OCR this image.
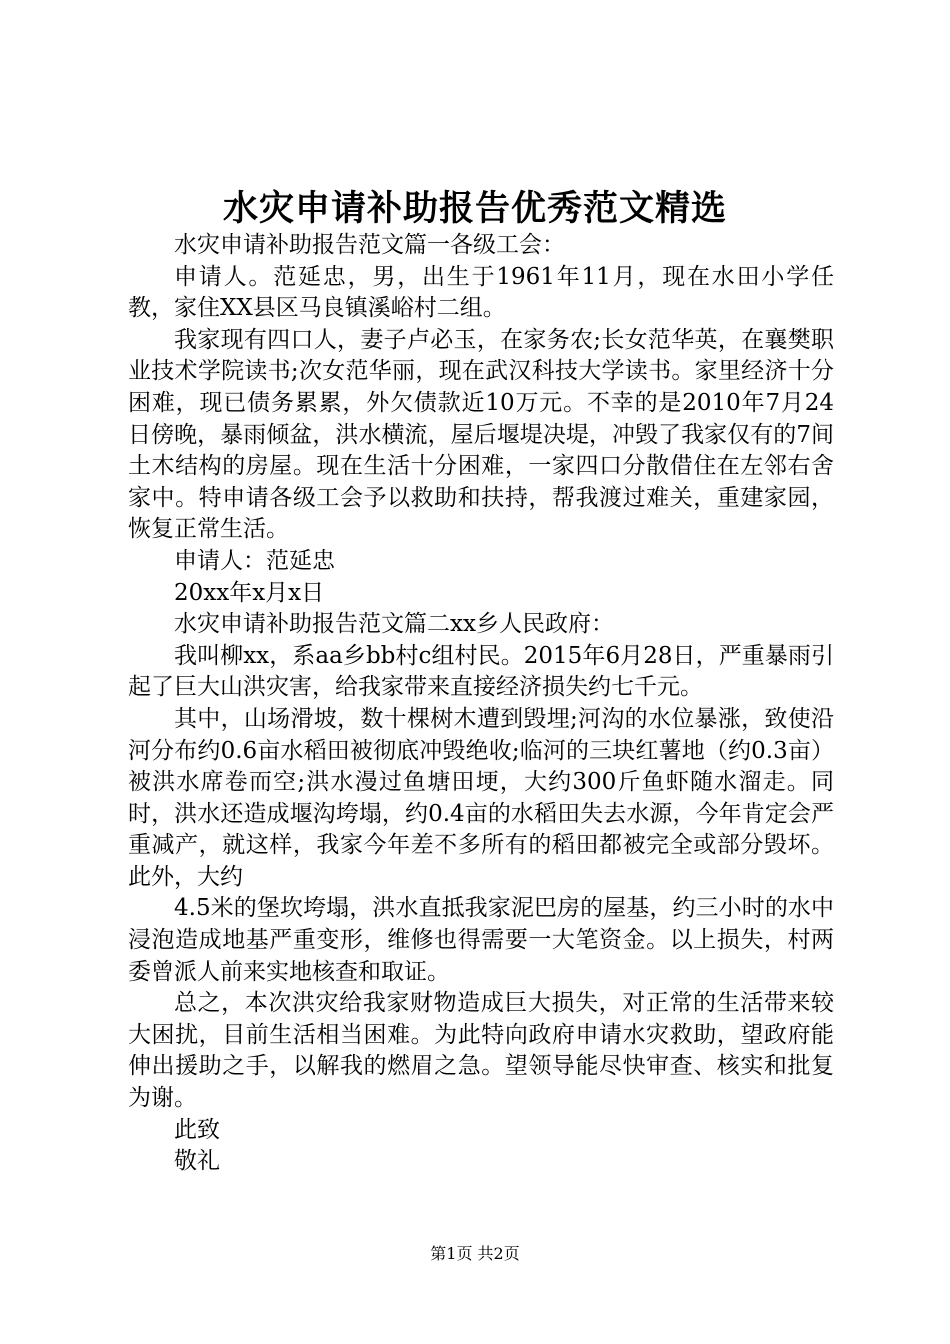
水灾申请补助报告优秀范文精选

水灾申请补助报告范文篇一各级工会：

申请人。范延忠，男，出生于1961年11月，现在水田小学任教，家住XX县区马良镇溪峪村二组。

我家现有四口人，妻子卢必玉，在家务农;长女范华英，在襄樊职业技术学院读书;次女范华丽，现在武汉科技大学读书。家里经济十分困难，现已债务累累，外欠债款近10万元。不幸的是2010年7月24日傍晚，暴雨倾盆，洪水横流，屋后堰堤决堤，冲毁了我家仅有的7间土木结构的房屋。现在生活十分困难，一家四口分散借住在左邻右舍家中。特申请各级工会予以救助和扶持，帮我渡过难关，重建家园，恢复正常生活。

申请人：范延忠

20xx年x月x日

水灾申请补助报告范文篇二xx乡人民政府：

我叫柳xx，系aa乡bb村c组村民。2015年6月28日，严重暴雨引起了巨大山洪灾害，给我家带来直接经济损失约七千元。

其中，山场滑坡，数十棵树木遭到毁埋;河沟的水位暴涨，致使沿河分布约0.6亩水稻田被彻底冲毁绝收;临河的三块红薯地（约0.3亩）被洪水席卷而空;洪水漫过鱼塘田埂，大约300斤鱼虾随水溜走。同时，洪水还造成堰沟垮塌，约0.4亩的水稻田失去水源，今年肯定会严重减产，就这样，我家今年差不多所有的稻田都被完全或部分毁坏。此外，大约

4.5米的堡坎垮塌，洪水直抵我家泥巴房的屋基，约三小时的水中浸泡造成地基严重变形，维修也得需要一大笔资金。以上损失，村两委曾派人前来实地核查和取证。

总之，本次洪灾给我家财物造成巨大损失，对正常的生活带来较大困扰，目前生活相当困难。为此特向政府申请水灾救助，望政府能伸出援助之手，以解我的燃眉之急。望领导能尽快审查、核实和批复为谢。

此致

敬礼

第1页 共2页
